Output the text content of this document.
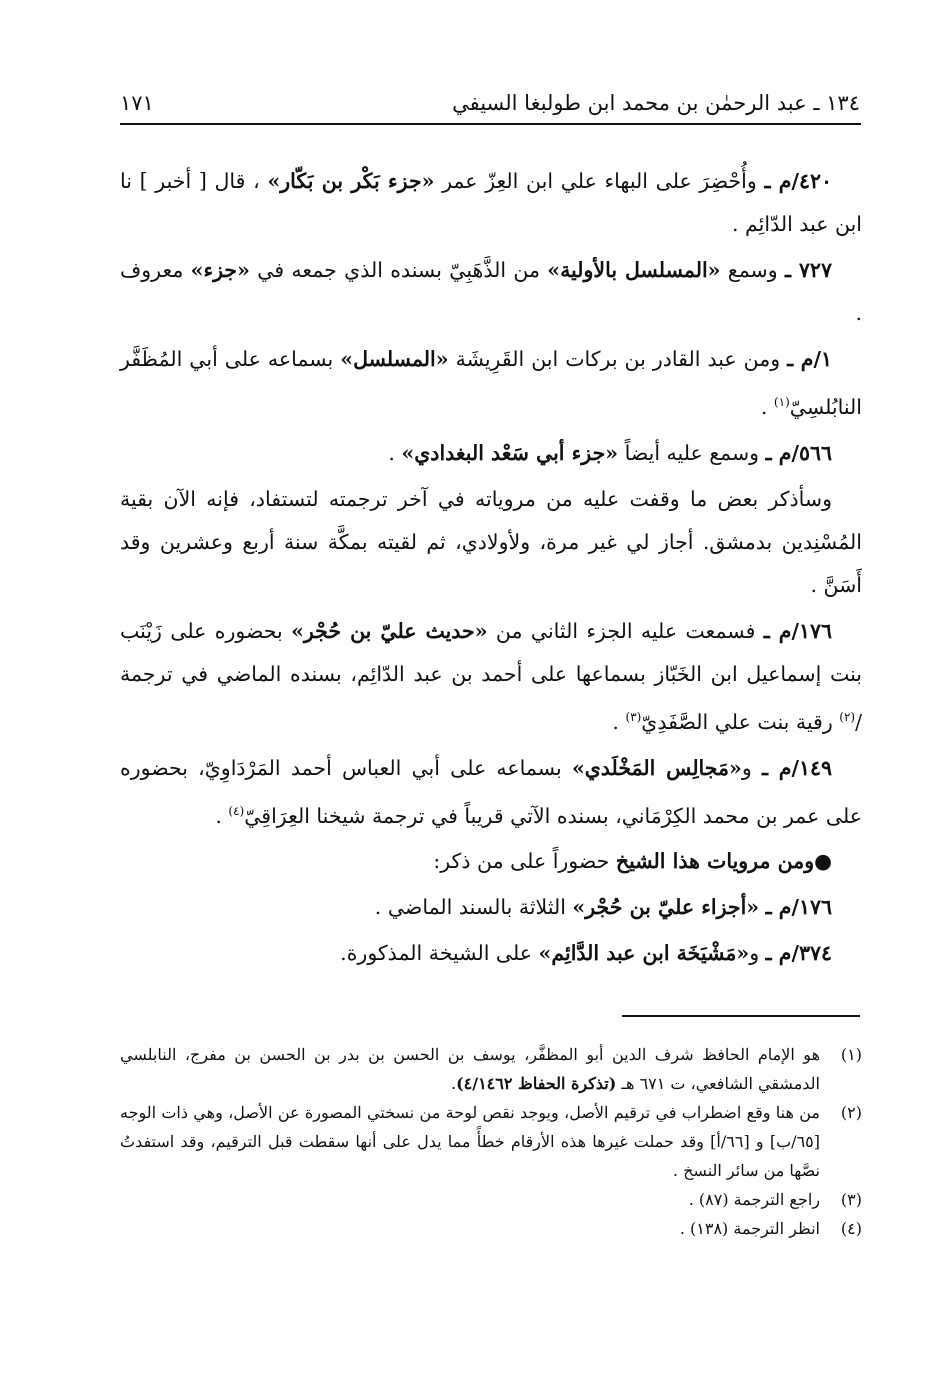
١٣٤ ـ عبد الرحمٰن بن محمد ابن طولبغا السيفي
١٧١

٤٢٠/م ـ وأُحْضِرَ على البهاء علي ابن العِزّ عمر «جزء بَكْر بن بَكّار» ، قال [ أخبر ] نا ابن عبد الدّائِم .

٧٢٧ ـ وسمع «المسلسل بالأولية» من الذَّهَبِيّ بسنده الذي جمعه في «جزء» معروف .

١/م ـ ومن عبد القادر بن بركات ابن القَرِيشَة «المسلسل» بسماعه على أبي المُظَفَّر النابُلسِيّ$^{(١)}$ .

٥٦٦/م ـ وسمع عليه أيضاً «جزء أبي سَعْد البغدادي» .

وسأذكر بعض ما وقفت عليه من مروياته في آخر ترجمته لتستفاد، فإنه الآن بقية المُسْنِدين بدمشق. أجاز لي غير مرة، ولأولادي، ثم لقيته بمكَّة سنة أربع وعشرين وقد أَسَنَّ .

١٧٦/م ـ فسمعت عليه الجزء الثاني من «حديث عليّ بن حُجْر» بحضوره على زَيْنَب بنت إسماعيل ابن الخَبّاز بسماعها على أحمد بن عبد الدّائِم، بسنده الماضي في ترجمة /$^{(٢)}$ رقية بنت علي الصَّفَدِيّ$^{(٣)}$ .

١٤٩/م ـ و«مَجالِس المَخْلَدي» بسماعه على أبي العباس أحمد المَرْدَاوِيّ، بحضوره على عمر بن محمد الكِرْمَاني، بسنده الآتي قريباً في ترجمة شيخنا العِرَاقِيّ$^{(٤)}$ .

●ومن مرويات هذا الشيخ حضوراً على من ذكر:

١٧٦/م ـ «أجزاء عليّ بن حُجْر» الثلاثة بالسند الماضي .

٣٧٤/م ـ و«مَشْيَخَة ابن عبد الدَّائِم» على الشيخة المذكورة.

(١)
هو الإمام الحافظ شرف الدين أبو المظفَّر، يوسف بن الحسن بن بدر بن الحسن بن مفرج، النابلسي الدمشقي الشافعي، ت ٦٧١ هـ (تذكرة الحفاظ ٤/١٤٦٢).
(٢)
من هنا وقع اضطراب في ترقيم الأصل، ويوجد نقص لوحة من نسختي المصورة عن الأصل، وهي ذات الوجه [٦٥/ب] و [٦٦/أ] وقد حملت غيرها هذه الأرقام خطأً مما يدل على أنها سقطت قبل الترقيم، وقد استفدتُ نصَّها من سائر النسخ .
(٣)
راجع الترجمة (٨٧) .
(٤)
انظر الترجمة (١٣٨) .
